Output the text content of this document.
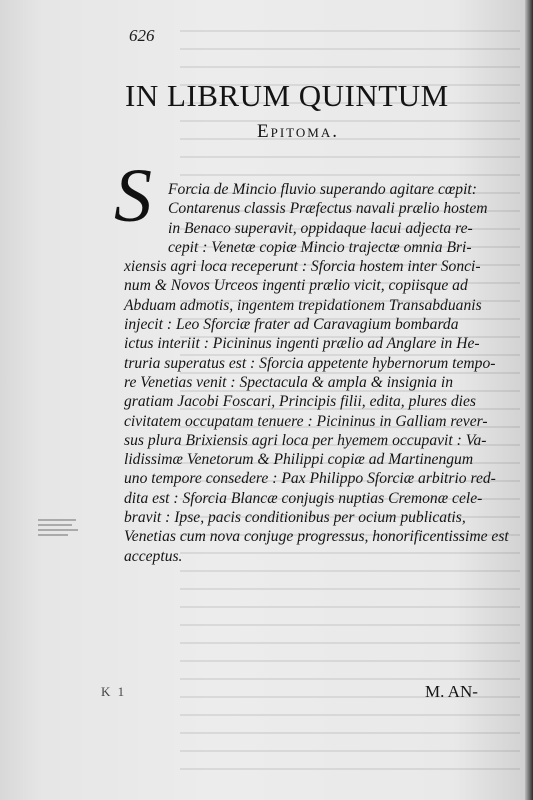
626
IN LIBRUM QUINTUM
Epitoma.
S	Forcia de Mincio fluvio superando agitare cœpit:
Contarenus classis Præfectus navali prælio hostem
in Benaco superavit, oppidaque lacui adjecta re-
cepit : Venetæ copiæ Mincio trajectæ omnia Bri-
xiensis agri loca receperunt : Sforcia hostem inter Sonci-
num & Novos Urceos ingenti prælio vicit, copiisque ad
Abduam admotis, ingentem trepidationem Transabduanis
injecit : Leo Sforciæ frater ad Caravagium bombarda
ictus interiit : Picininus ingenti prælio ad Anglare in He-
truria superatus est : Sforcia appetente hybernorum tempo-
re Venetias venit : Spectacula & ampla & insignia in
gratiam Jacobi Foscari, Principis filii, edita, plures dies
civitatem occupatam tenuere : Picininus in Galliam rever-
sus plura Brixiensis agri loca per hyemem occupavit : Va-
lidissimæ Venetorum & Philippi copiæ ad Martinengum
uno tempore consedere : Pax Philippo Sforciæ arbitrio red-
dita est : Sforcia Blancæ conjugis nuptias Cremonæ cele-
bravit : Ipse, pacis conditionibus per ocium publicatis,
Venetias cum nova conjuge progressus, honorificentissime est
acceptus.
K 1	M. AN-
